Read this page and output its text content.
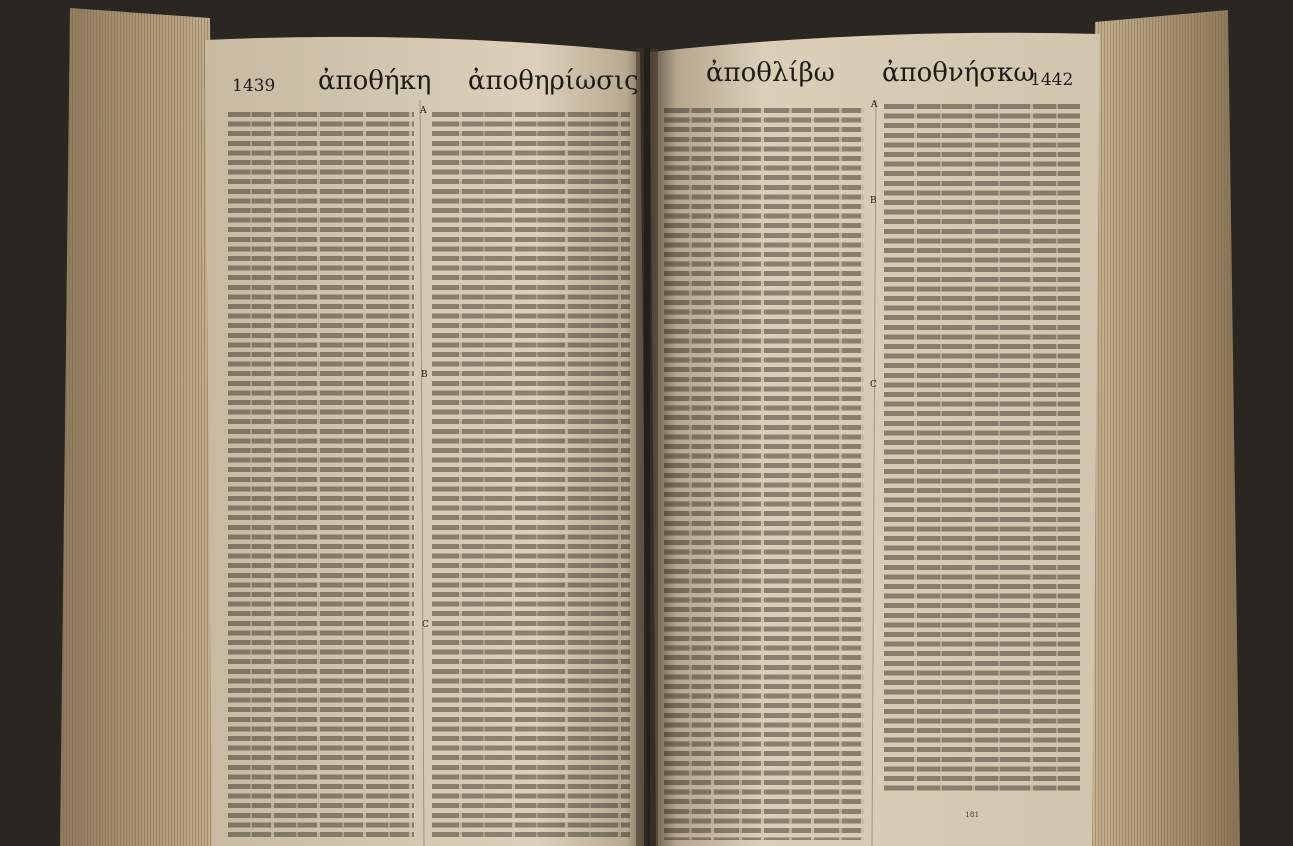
1439 ἀποθήκη ἀποθηρίωσις	ἀποθλίβω ἀποθνήσκω
1442
A
B
C
A
B
C
181
